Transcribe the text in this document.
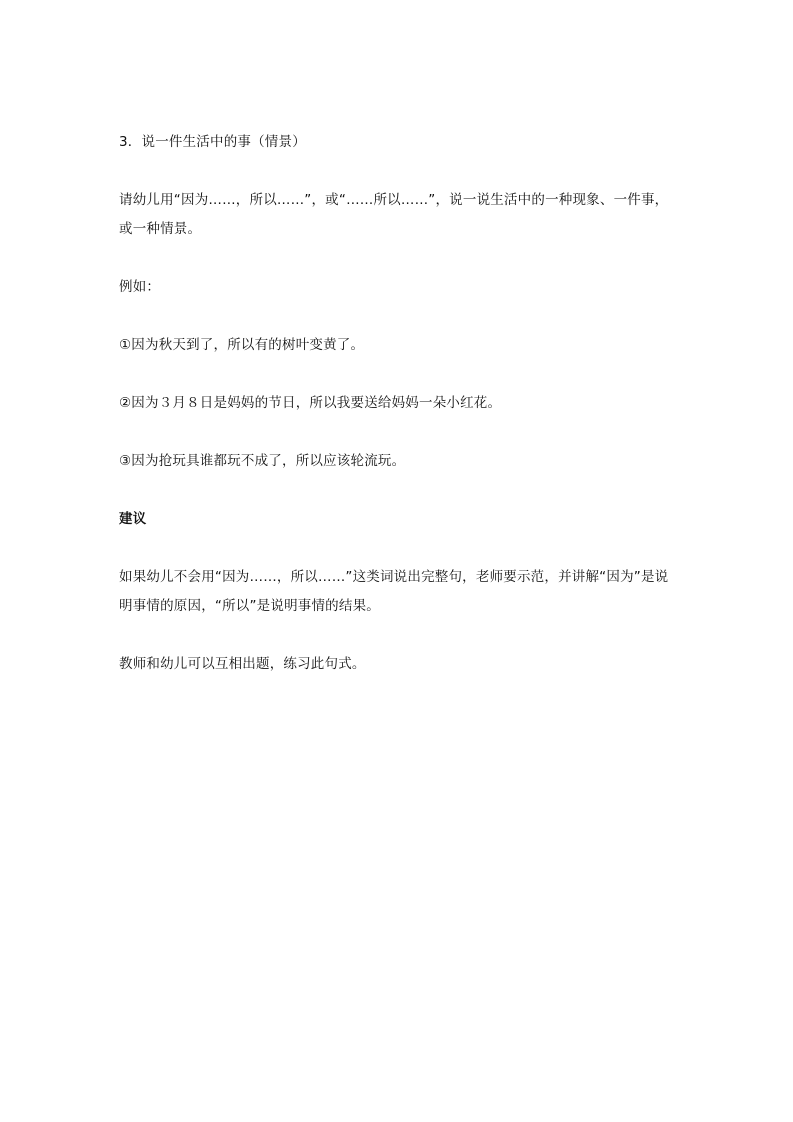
3．说一件生活中的事（情景）

请幼儿用“因为……，所以……”，或“……所以……”，说一说生活中的一种现象、一件事，或一种情景。

例如：

①因为秋天到了，所以有的树叶变黄了。

②因为３月８日是妈妈的节日，所以我要送给妈妈一朵小红花。

③因为抢玩具谁都玩不成了，所以应该轮流玩。

建议

如果幼儿不会用“因为……，所以……”这类词说出完整句，老师要示范，并讲解“因为”是说明事情的原因，“所以”是说明事情的结果。

教师和幼儿可以互相出题，练习此句式。
